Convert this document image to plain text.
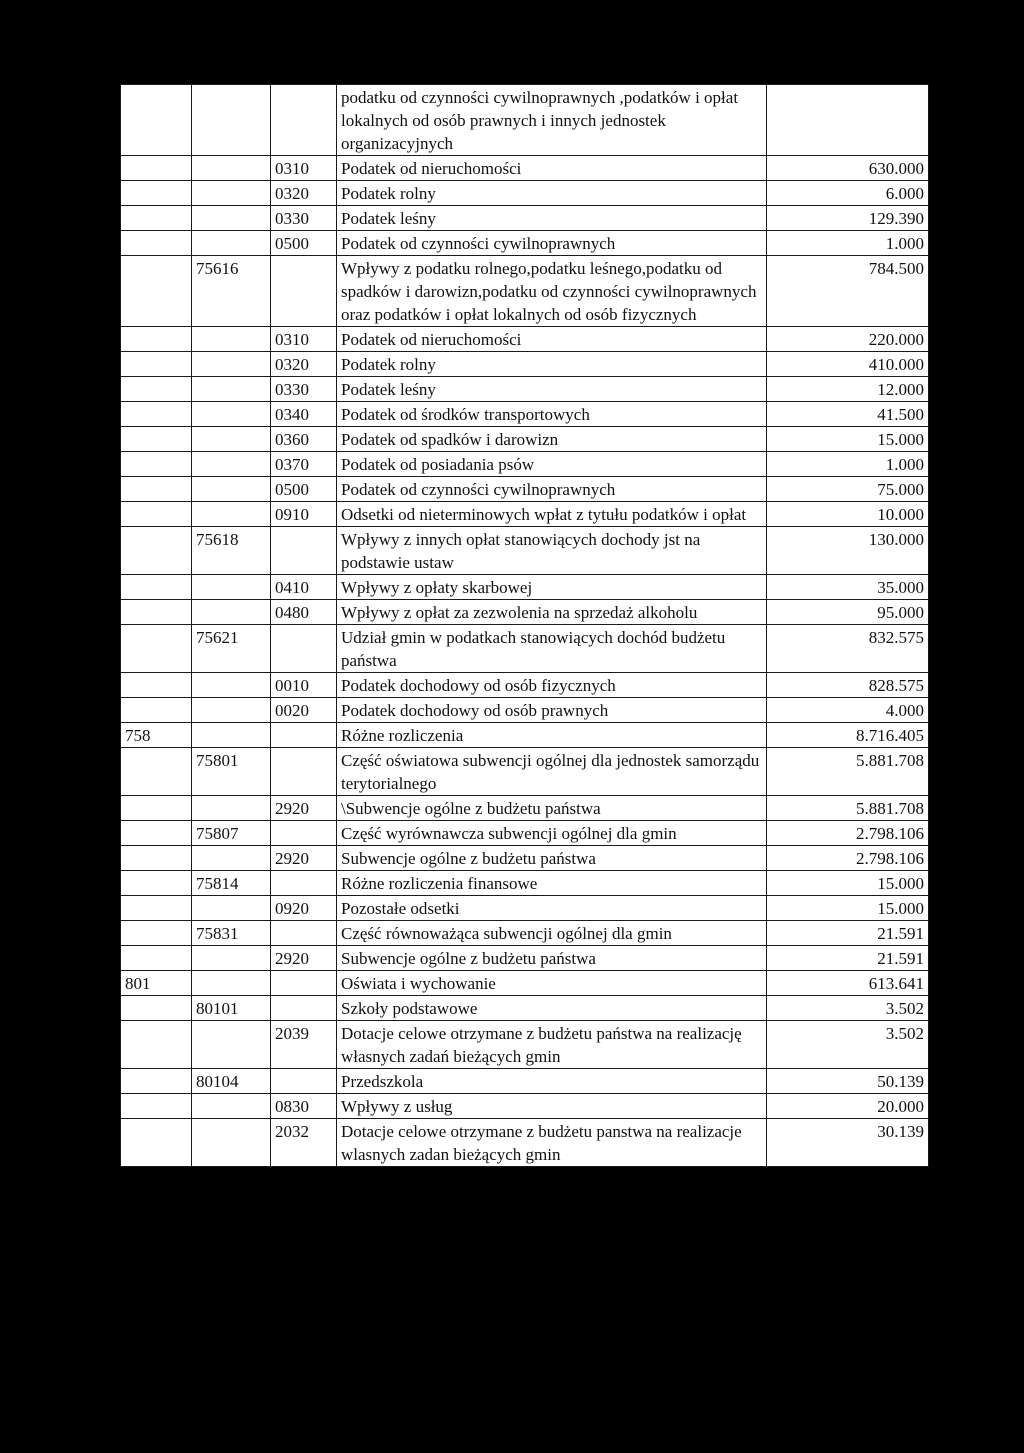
			podatku od czynności cywilnoprawnych ,podatków i opłat lokalnych od osób prawnych i innych jednostek organizacyjnych	
		0310	Podatek od nieruchomości	630.000
		0320	Podatek rolny	6.000
		0330	Podatek leśny	129.390
		0500	Podatek od czynności cywilnoprawnych	1.000
	75616		Wpływy z podatku rolnego,podatku leśnego,podatku od spadków i darowizn,podatku od czynności cywilnoprawnych oraz podatków i opłat lokalnych od osób fizycznych	784.500
		0310	Podatek od nieruchomości	220.000
		0320	Podatek rolny	410.000
		0330	Podatek leśny	12.000
		0340	Podatek od środków transportowych	41.500
		0360	Podatek od spadków i darowizn	15.000
		0370	Podatek od posiadania psów	1.000
		0500	Podatek od czynności cywilnoprawnych	75.000
		0910	Odsetki od nieterminowych wpłat z tytułu podatków i opłat	10.000
	75618		Wpływy z innych opłat stanowiących dochody jst na podstawie ustaw	130.000
		0410	Wpływy z opłaty skarbowej	35.000
		0480	Wpływy z opłat za zezwolenia na sprzedaż alkoholu	95.000
	75621		Udział gmin w podatkach stanowiących dochód budżetu państwa	832.575
		0010	Podatek dochodowy od osób fizycznych	828.575
		0020	Podatek dochodowy od osób prawnych	4.000
758			Różne rozliczenia	8.716.405
	75801		Część oświatowa subwencji ogólnej dla jednostek samorządu terytorialnego	5.881.708
		2920	\Subwencje ogólne z budżetu państwa	5.881.708
	75807		Część wyrównawcza subwencji ogólnej dla gmin	2.798.106
		2920	Subwencje ogólne z budżetu państwa	2.798.106
	75814		Różne rozliczenia finansowe	15.000
		0920	Pozostałe odsetki	15.000
	75831		Część równoważąca subwencji ogólnej dla gmin	21.591
		2920	Subwencje ogólne z budżetu państwa	21.591
801			Oświata i wychowanie	613.641
	80101		Szkoły podstawowe	3.502
		2039	Dotacje celowe otrzymane z budżetu państwa na realizację własnych zadań bieżących gmin	3.502
	80104		Przedszkola	50.139
		0830	Wpływy z usług	20.000
		2032	Dotacje celowe otrzymane z budżetu panstwa na realizacje wlasnych zadan bieżących gmin	30.139
